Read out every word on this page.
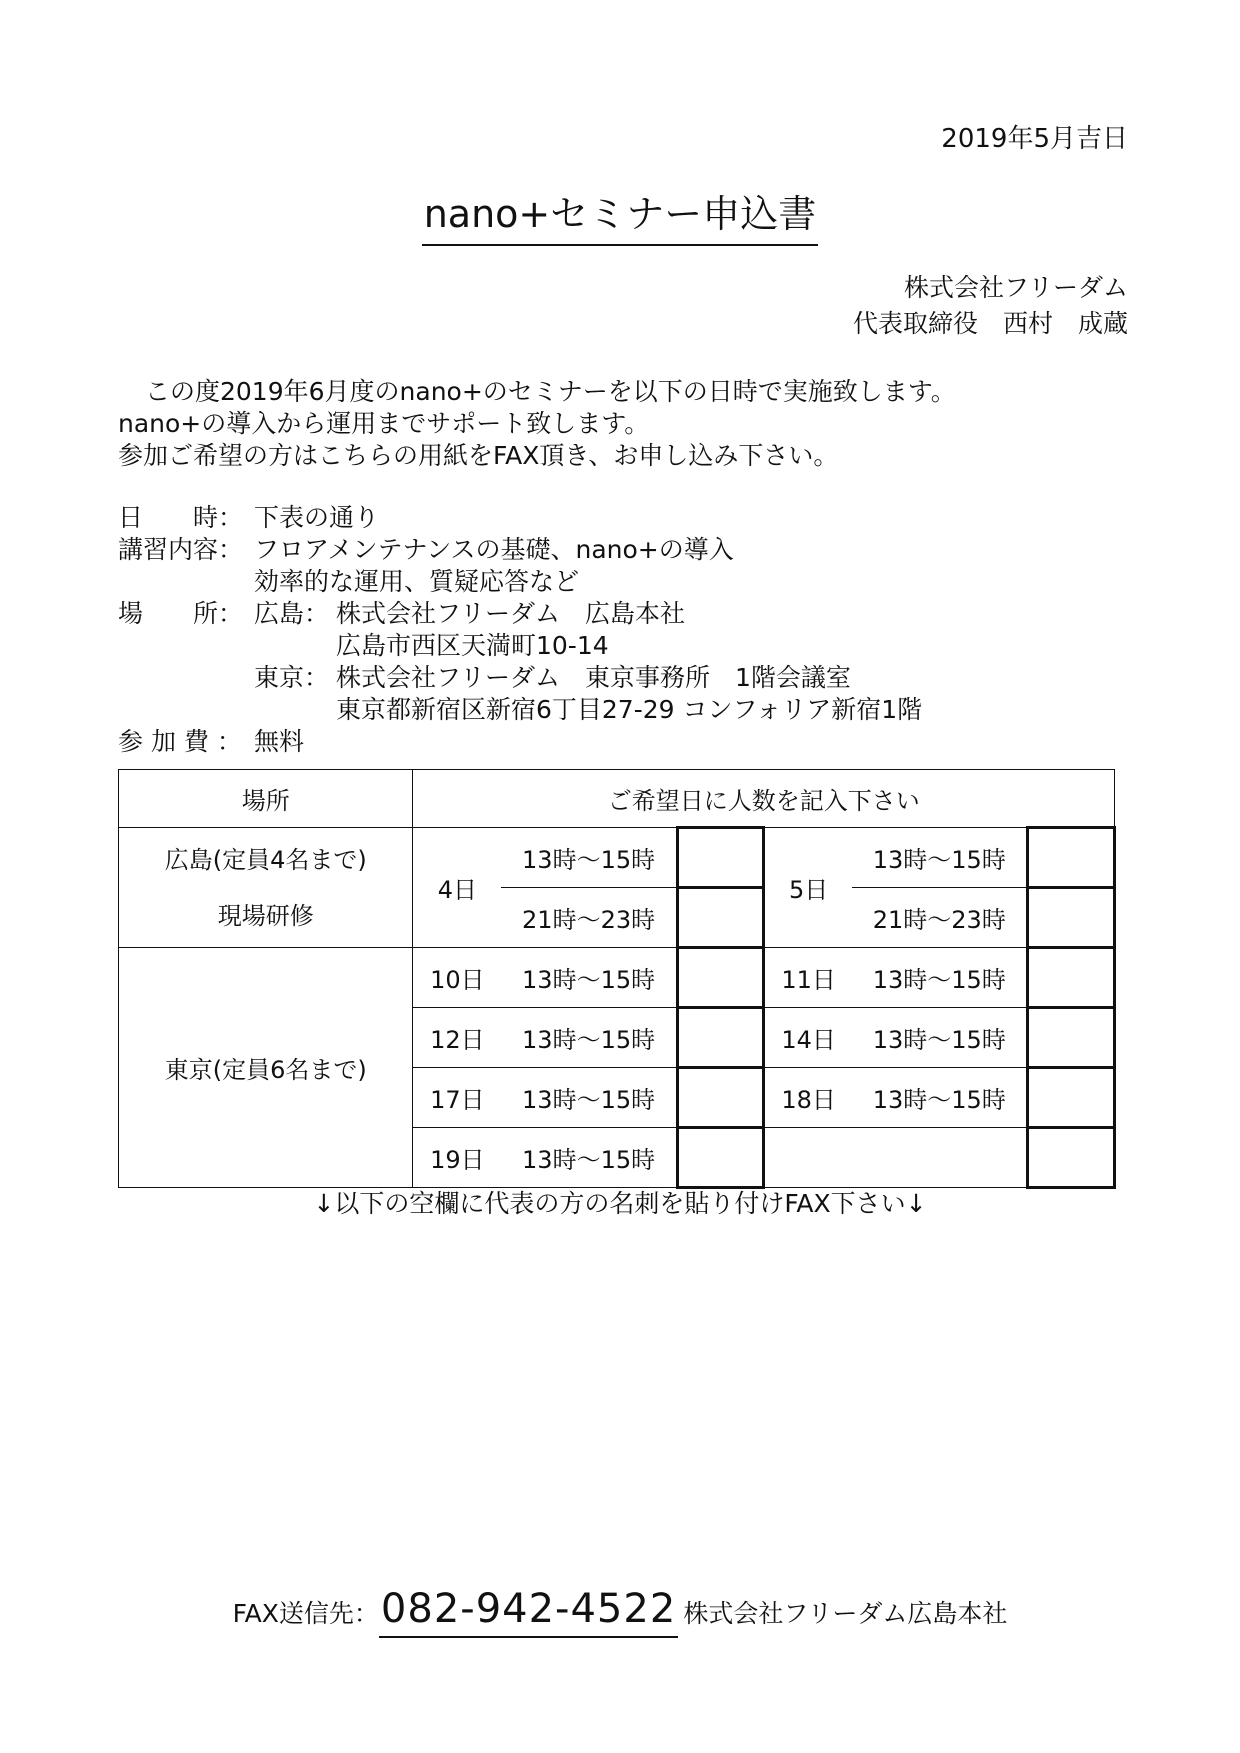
2019年5月吉日
nano+セミナー申込書
株式会社フリーダム
代表取締役　西村　成蔵
この度2019年6月度のnano+のセミナーを以下の日時で実施致します。
nano+の導入から運用までサポート致します。
参加ご希望の方はこちらの用紙をFAX頂き、お申し込み下さい。
日　　時： 下表の通り
講習内容： フロアメンテナンスの基礎、nano+の導入
効率的な運用、質疑応答など
場　　所： 広島： 株式会社フリーダム　広島本社
広島市西区天満町10-14
東京： 株式会社フリーダム　東京事務所　1階会議室
東京都新宿区新宿6丁目27-29 コンフォリア新宿1階
参 加 費 ： 無料
場所	ご希望日に人数を記入下さい					

広島(定員4名まで)
現場研修	4日	13時～15時		5日	13時～15時	
		21時～23時			21時～23時	
東京(定員6名まで)	10日	13時～15時		11日	13時～15時	
	12日	13時～15時		14日	13時～15時	
	17日	13時～15時		18日	13時～15時	
	19日	13時～15時				
↓以下の空欄に代表の方の名刺を貼り付けFAX下さい↓
FAX送信先：082-942-4522 株式会社フリーダム広島本社
